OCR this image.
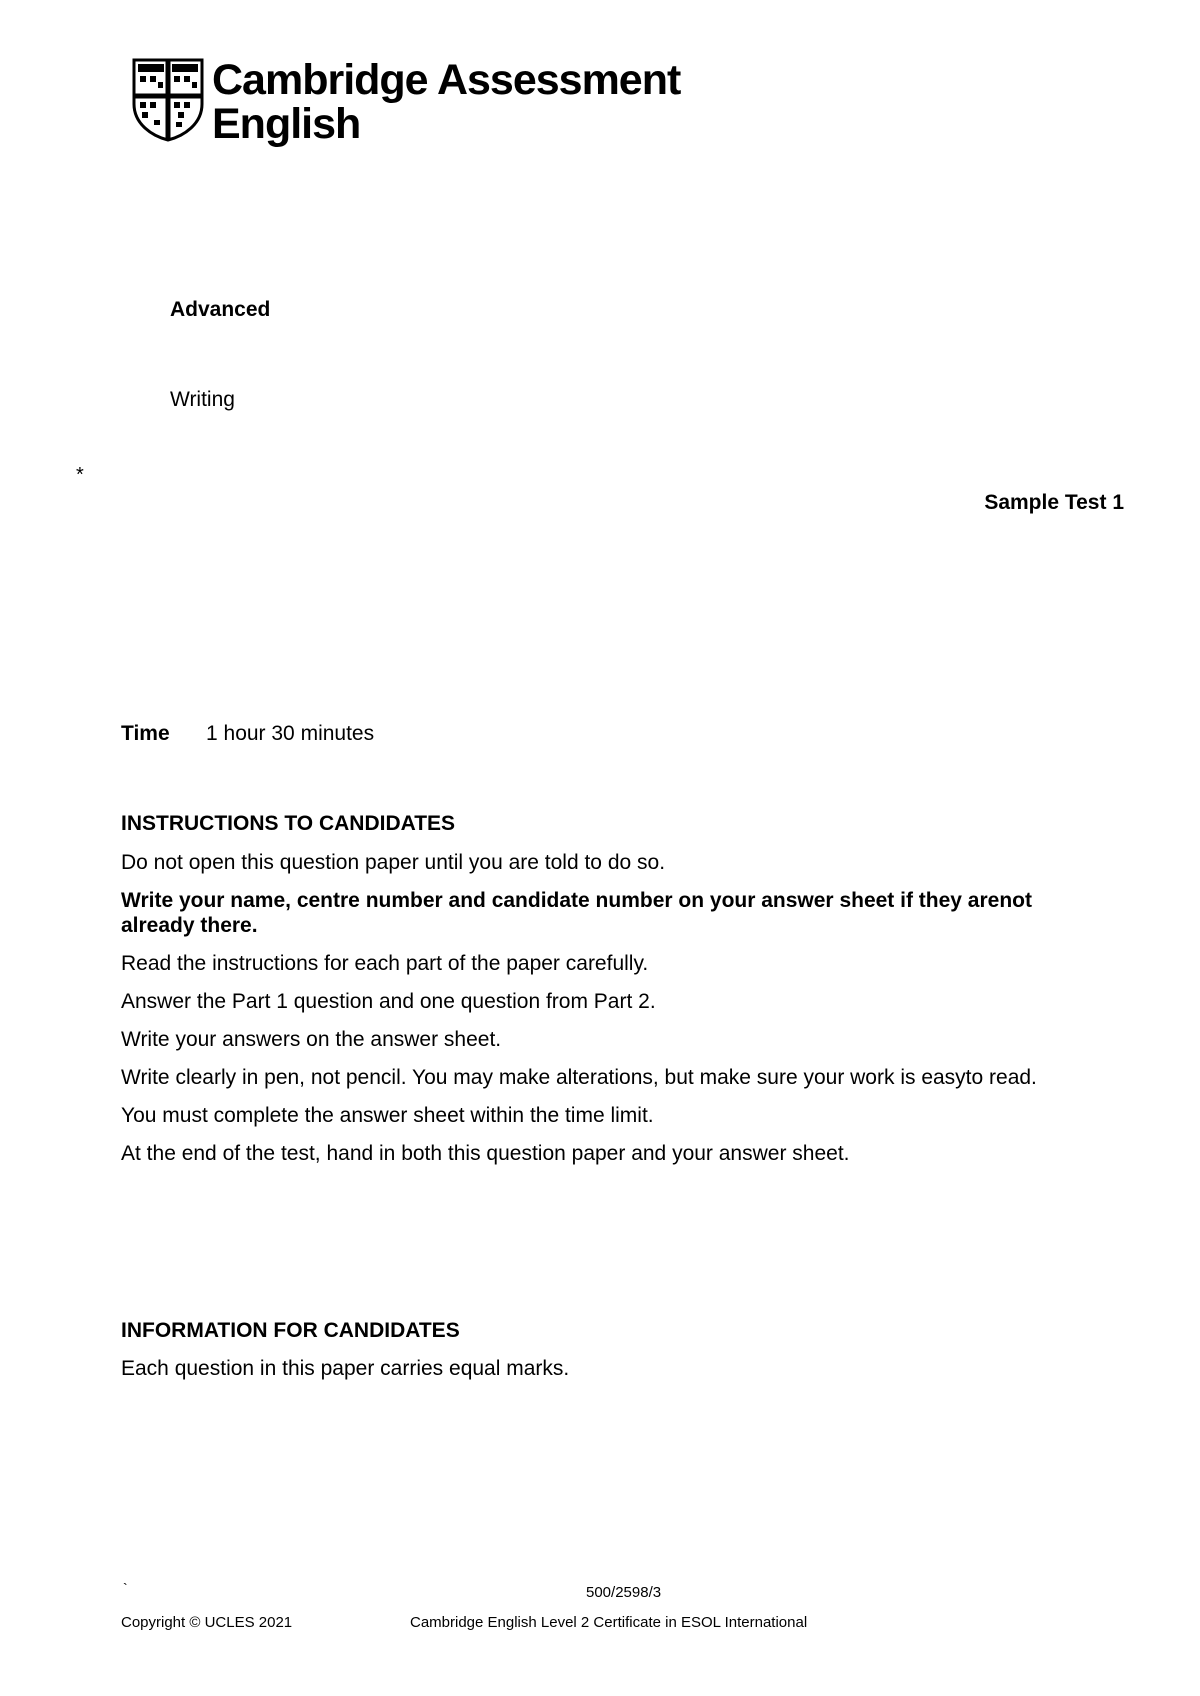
Cambridge Assessment
English
Advanced
Writing
*
Sample Test 1
Time 1 hour 30 minutes
INSTRUCTIONS TO CANDIDATES

Do not open this question paper until you are told to do so.

Write your name, centre number and candidate number on your answer sheet if they arenot already there.

Read the instructions for each part of the paper carefully.

Answer the Part 1 question and one question from Part 2.

Write your answers on the answer sheet.

Write clearly in pen, not pencil. You may make alterations, but make sure your work is easyto read.

You must complete the answer sheet within the time limit.

At the end of the test, hand in both this question paper and your answer sheet.

INFORMATION FOR CANDIDATES
Each question in this paper carries equal marks.
`	500/2598/3
Copyright © UCLES 2021	Cambridge English Level 2 Certificate in ESOL International
